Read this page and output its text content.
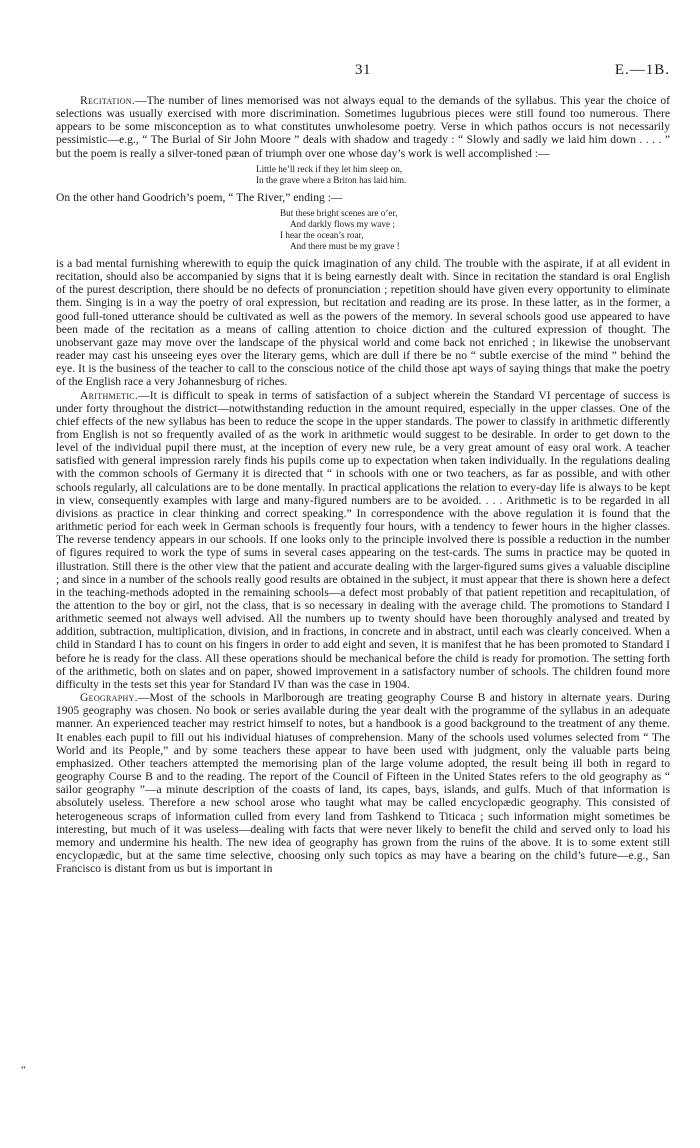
31	E.—1B.

Recitation.—The number of lines memorised was not always equal to the demands of the syllabus. This year the choice of selections was usually exercised with more discrimination. Sometimes lugubrious pieces were still found too numerous. There appears to be some misconception as to what constitutes unwholesome poetry. Verse in which pathos occurs is not necessarily pessimistic—e.g., “ The Burial of Sir John Moore ” deals with shadow and tragedy : “ Slowly and sadly we laid him down . . . . ” but the poem is really a silver-toned pæan of triumph over one whose day’s work is well accomplished :—

Little he’ll reck if they let him sleep on,
In the grave where a Briton has laid him.

On the other hand Goodrich’s poem, “ The River,” ending :—

But these bright scenes are o’er,
And darkly flows my wave ;
I hear the ocean’s roar,
And there must be my grave !

is a bad mental furnishing wherewith to equip the quick imagination of any child. The trouble with the aspirate, if at all evident in recitation, should also be accompanied by signs that it is being earnestly dealt with. Since in recitation the standard is oral English of the purest description, there should be no defects of pronunciation ; repetition should have given every opportunity to eliminate them. Singing is in a way the poetry of oral expression, but recitation and reading are its prose. In these latter, as in the former, a good full-toned utterance should be cultivated as well as the powers of the memory. In several schools good use appeared to have been made of the recitation as a means of calling attention to choice diction and the cultured expression of thought. The unobservant gaze may move over the landscape of the physical world and come back not enriched ; in likewise the unobservant reader may cast his unseeing eyes over the literary gems, which are dull if there be no “ subtle exercise of the mind ” behind the eye. It is the business of the teacher to call to the conscious notice of the child those apt ways of saying things that make the poetry of the English race a very Johannesburg of riches.

Arithmetic.—It is difficult to speak in terms of satisfaction of a subject wherein the Standard VI percentage of success is under forty throughout the district—notwithstanding reduction in the amount required, especially in the upper classes. One of the chief effects of the new syllabus has been to reduce the scope in the upper standards. The power to classify in arithmetic differently from English is not so frequently availed of as the work in arithmetic would suggest to be desirable. In order to get down to the level of the individual pupil there must, at the inception of every new rule, be a very great amount of easy oral work. A teacher satisfied with general impression rarely finds his pupils come up to expectation when taken individually. In the regulations dealing with the common schools of Germany it is directed that “ in schools with one or two teachers, as far as possible, and with other schools regularly, all calculations are to be done mentally. In practical applications the relation to every-day life is always to be kept in view, consequently examples with large and many-figured numbers are to be avoided. . . . Arithmetic is to be regarded in all divisions as practice in clear thinking and correct speaking.” In correspondence with the above regulation it is found that the arithmetic period for each week in German schools is frequently four hours, with a tendency to fewer hours in the higher classes. The reverse tendency appears in our schools. If one looks only to the principle involved there is possible a reduction in the number of figures required to work the type of sums in several cases appearing on the test-cards. The sums in practice may be quoted in illustration. Still there is the other view that the patient and accurate dealing with the larger-figured sums gives a valuable discipline ; and since in a number of the schools really good results are obtained in the subject, it must appear that there is shown here a defect in the teaching-methods adopted in the remaining schools—a defect most probably of that patient repetition and recapitulation, of the attention to the boy or girl, not the class, that is so necessary in dealing with the average child. The promotions to Standard I arithmetic seemed not always well advised. All the numbers up to twenty should have been thoroughly analysed and treated by addition, subtraction, multiplication, division, and in fractions, in concrete and in abstract, until each was clearly conceived. When a child in Standard I has to count on his fingers in order to add eight and seven, it is manifest that he has been promoted to Standard I before he is ready for the class. All these operations should be mechanical before the child is ready for promotion. The setting forth of the arithmetic, both on slates and on paper, showed improvement in a satisfactory number of schools. The children found more difficulty in the tests set this year for Standard IV than was the case in 1904.

Geography.—Most of the schools in Marlborough are treating geography Course B and history in alternate years. During 1905 geography was chosen. No book or series available during the year dealt with the programme of the syllabus in an adequate manner. An experienced teacher may restrict himself to notes, but a handbook is a good background to the treatment of any theme. It enables each pupil to fill out his individual hiatuses of comprehension. Many of the schools used volumes selected from “ The World and its People,” and by some teachers these appear to have been used with judgment, only the valuable parts being emphasized. Other teachers attempted the memorising plan of the large volume adopted, the result being ill both in regard to geography Course B and to the reading. The report of the Council of Fifteen in the United States refers to the old geography as “ sailor geography ”—a minute description of the coasts of land, its capes, bays, islands, and gulfs. Much of that information is absolutely useless. Therefore a new school arose who taught what may be called encyclopædic geography. This consisted of heterogeneous scraps of information culled from every land from Tashkend to Titicaca ; such information might sometimes be interesting, but much of it was useless—dealing with facts that were never likely to benefit the child and served only to load his memory and undermine his health. The new idea of geography has grown from the ruins of the above. It is to some extent still encyclopædic, but at the same time selective, choosing only such topics as may have a bearing on the child’s future—e.g., San Francisco is distant from us but is important in

“
